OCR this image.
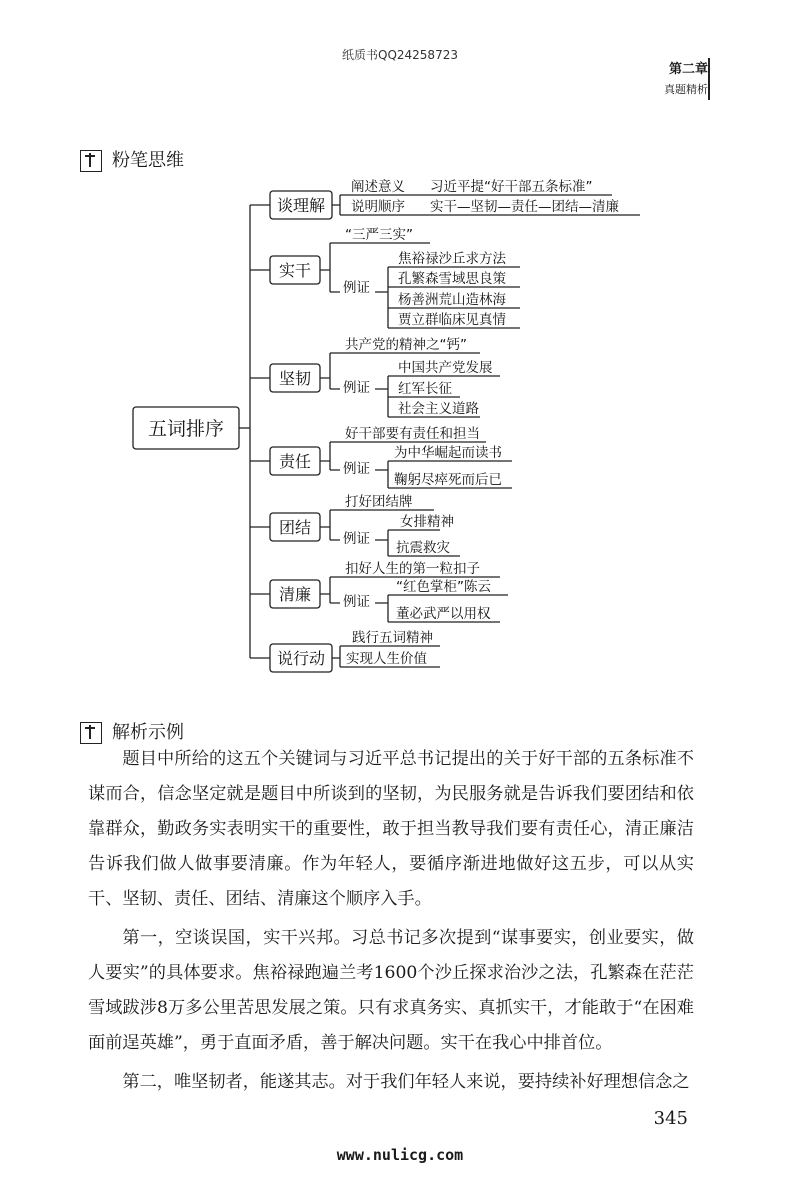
纸质书QQ24258723
第二章
真题精析
粉笔思维
五词排序
谈理解
实干
坚韧
责任
团结
清廉
说行动
阐述意义 习近平提“好干部五条标准”
说明顺序 实干—坚韧—责任—团结—清廉
“三严三实”
例证
焦裕禄沙丘求方法
孔繁森雪域思良策
杨善洲荒山造林海
贾立群临床见真情
共产党的精神之“钙”
例证
中国共产党发展
红军长征
社会主义道路
好干部要有责任和担当
例证
为中华崛起而读书
鞠躬尽瘁死而后已
打好团结牌
例证
女排精神
抗震救灾
扣好人生的第一粒扣子
例证
“红色掌柜”陈云
董必武严以用权
践行五词精神
实现人生价值
解析示例

题目中所给的这五个关键词与习近平总书记提出的关于好干部的五条标准不谋而合，信念坚定就是题目中所谈到的坚韧，为民服务就是告诉我们要团结和依靠群众，勤政务实表明实干的重要性，敢于担当教导我们要有责任心，清正廉洁告诉我们做人做事要清廉。作为年轻人，要循序渐进地做好这五步，可以从实干、坚韧、责任、团结、清廉这个顺序入手。

第一，空谈误国，实干兴邦。习总书记多次提到“谋事要实，创业要实，做人要实”的具体要求。焦裕禄跑遍兰考1600个沙丘探求治沙之法，孔繁森在茫茫雪域跋涉8万多公里苦思发展之策。只有求真务实、真抓实干，才能敢于“在困难面前逞英雄”，勇于直面矛盾，善于解决问题。实干在我心中排首位。

第二，唯坚韧者，能遂其志。对于我们年轻人来说，要持续补好理想信念之

345
www.nulicg.com
